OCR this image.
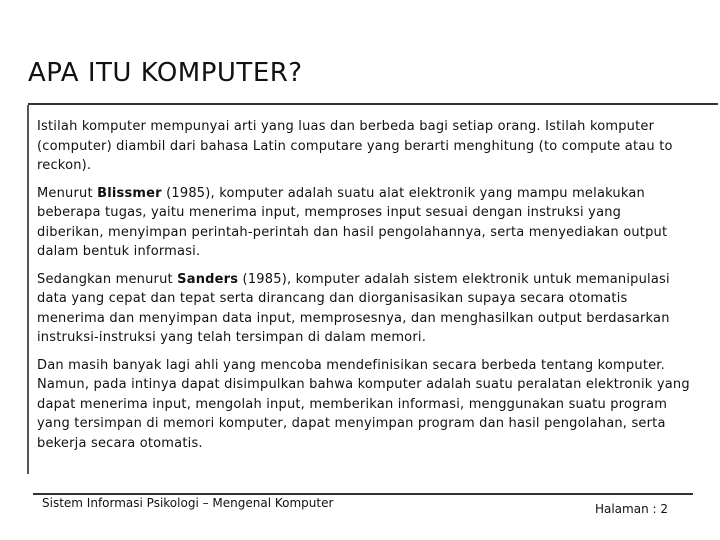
APA ITU KOMPUTER?

Istilah komputer mempunyai arti yang luas dan berbeda bagi setiap orang. Istilah komputer (computer) diambil dari bahasa Latin computare yang berarti menghitung (to compute atau to reckon).

Menurut Blissmer (1985), komputer adalah suatu alat elektronik yang mampu melakukan beberapa tugas, yaitu menerima input, memproses input sesuai dengan instruksi yang diberikan, menyimpan perintah-perintah dan hasil pengolahannya, serta menyediakan output dalam bentuk informasi.

Sedangkan menurut Sanders (1985), komputer adalah sistem elektronik untuk memanipulasi data yang cepat dan tepat serta dirancang dan diorganisasikan supaya secara otomatis menerima dan menyimpan data input, memprosesnya, dan menghasilkan output berdasarkan instruksi-instruksi yang telah tersimpan di dalam memori.

Dan masih banyak lagi ahli yang mencoba mendefinisikan secara berbeda tentang komputer. Namun, pada intinya dapat disimpulkan bahwa komputer adalah suatu peralatan elektronik yang dapat menerima input, mengolah input, memberikan informasi, menggunakan suatu program yang tersimpan di memori komputer, dapat menyimpan program dan hasil pengolahan, serta bekerja secara otomatis.

Sistem Informasi Psikologi – Mengenal Komputer	Halaman : 2
